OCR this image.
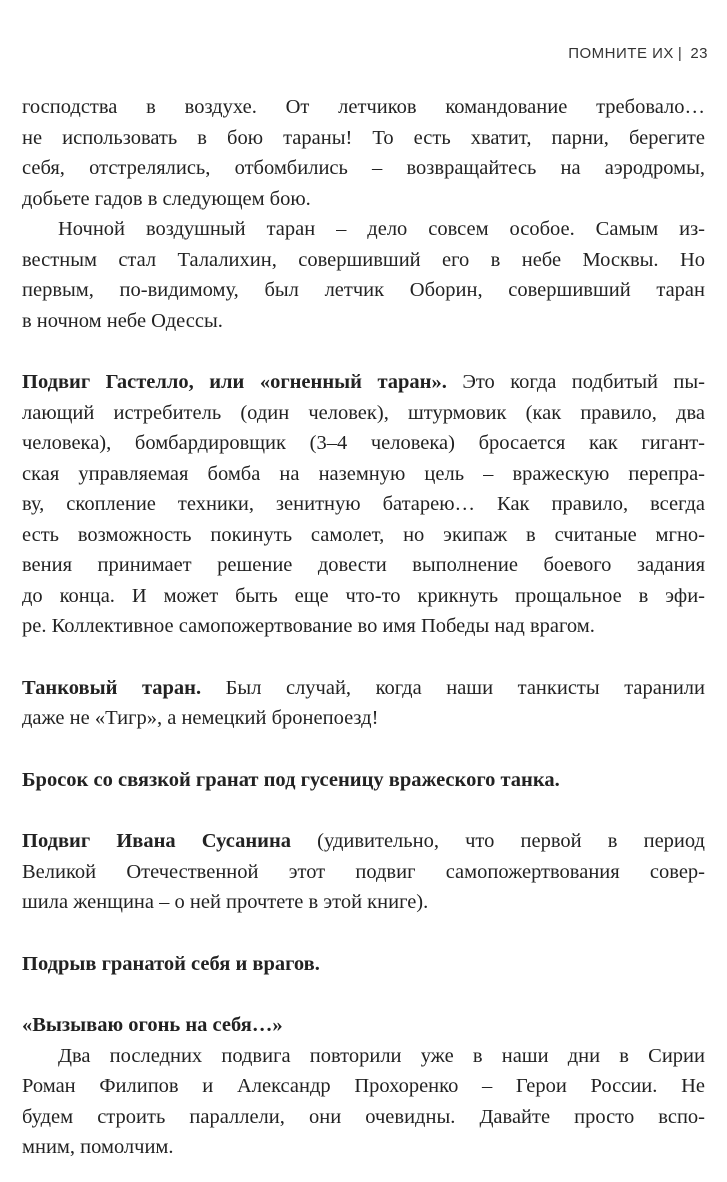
ПОМНИТЕ ИХ | 23
господства в воздухе. От летчиков командование требовало…
не использовать в бою тараны! То есть хватит, парни, берегите
себя, отстрелялись, отбомбились – возвращайтесь на аэродромы,
добьете гадов в следующем бою.
Ночной воздушный таран – дело совсем особое. Самым из-
вестным стал Талалихин, совершивший его в небе Москвы. Но
первым, по-видимому, был летчик Оборин, совершивший таран
в ночном небе Одессы.
Подвиг Гастелло, или «огненный таран». Это когда подбитый пы-
лающий истребитель (один человек), штурмовик (как правило, два
человека), бомбардировщик (3–4 человека) бросается как гигант-
ская управляемая бомба на наземную цель – вражескую перепра-
ву, скопление техники, зенитную батарею… Как правило, всегда
есть возможность покинуть самолет, но экипаж в считаные мгно-
вения принимает решение довести выполнение боевого задания
до конца. И может быть еще что-то крикнуть прощальное в эфи-
ре. Коллективное самопожертвование во имя Победы над врагом.
Танковый таран. Был случай, когда наши танкисты таранили
даже не «Тигр», а немецкий бронепоезд!
Бросок со связкой гранат под гусеницу вражеского танка.
Подвиг Ивана Сусанина (удивительно, что первой в период
Великой Отечественной этот подвиг самопожертвования совер-
шила женщина – о ней прочтете в этой книге).
Подрыв гранатой себя и врагов.
«Вызываю огонь на себя…»
Два последних подвига повторили уже в наши дни в Сирии
Роман Филипов и Александр Прохоренко – Герои России. Не
будем строить параллели, они очевидны. Давайте просто вспо-
мним, помолчим.
